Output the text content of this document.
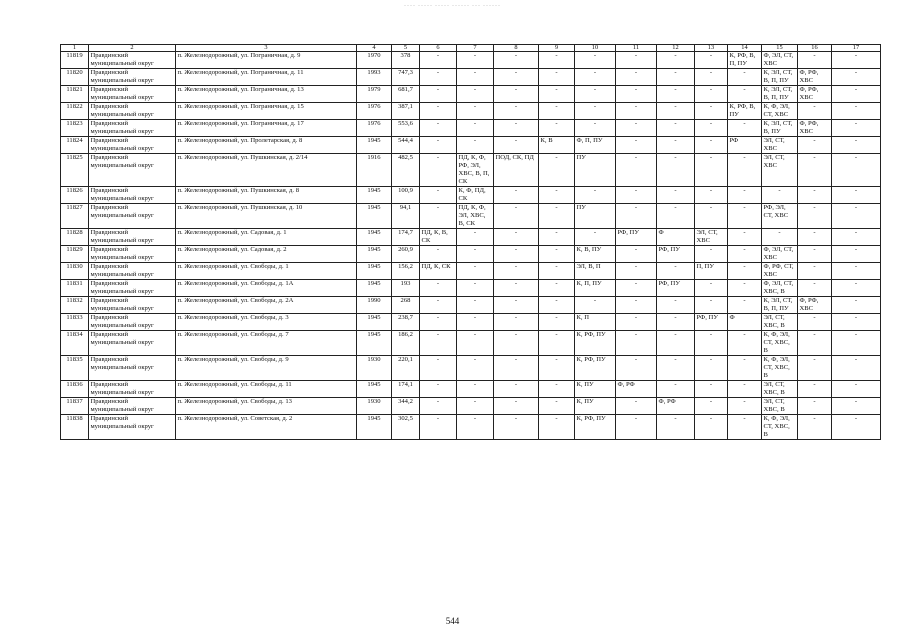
____ _____ _____ ______ ___ ______
1	2	3	4	5	6	7	8	9	10	11	12	13	14	15	16	17
11819	Правдинский муниципальный округ	п. Железнодорожный, ул. Пограничная, д. 9	1970	378	-	-	-	-	-	-	-	-	К, РФ, В, П, ПУ	Ф, ЭЛ, СТ, ХВС	-	-
11820	Правдинский муниципальный округ	п. Железнодорожный, ул. Пограничная, д. 11	1993	747,3	-	-	-	-	-	-	-	-	-	К, ЭЛ, СТ, В, П, ПУ	Ф, РФ, ХВС	-
11821	Правдинский муниципальный округ	п. Железнодорожный, ул. Пограничная, д. 13	1979	681,7	-	-	-	-	-	-	-	-	-	К, ЭЛ, СТ, В, П, ПУ	Ф, РФ, ХВС	-
11822	Правдинский муниципальный округ	п. Железнодорожный, ул. Пограничная, д. 15	1976	387,1	-	-	-	-	-	-	-	-	К, РФ, В, ПУ	К, Ф, ЭЛ, СТ, ХВС	-	-
11823	Правдинский муниципальный округ	п. Железнодорожный, ул. Пограничная, д. 17	1976	553,6	-	-	-	-	-	-	-	-	-	К, ЭЛ, СТ, В, ПУ	Ф, РФ, ХВС	-
11824	Правдинский муниципальный округ	п. Железнодорожный, ул. Пролетарская, д. 8	1945	544,4	-	-	-	К, В	Ф, П, ПУ	-	-	-	РФ	ЭЛ, СТ, ХВС	-	-
11825	Правдинский муниципальный округ	п. Железнодорожный, ул. Пушкинская, д. 2/14	1916	482,5	-	ПД, К, Ф, РФ, ЭЛ, ХВС, В, П, СК	ПОД, СК, ПД	-	ПУ	-	-	-	-	ЭЛ, СТ, ХВС	-	-
11826	Правдинский муниципальный округ	п. Железнодорожный, ул. Пушкинская, д. 8	1945	100,9	-	К, Ф, ПД, СК	-	-	-	-	-	-	-	-	-	-
11827	Правдинский муниципальный округ	п. Железнодорожный, ул. Пушкинская, д. 10	1945	94,1	-	ПД, К, Ф, ЭЛ, ХВС, В, СК	-	-	ПУ	-	-	-	-	РФ, ЭЛ, СТ, ХВС	-	-
11828	Правдинский муниципальный округ	п. Железнодорожный, ул. Садовая, д. 1	1945	174,7	ПД, К, В, СК	-	-	-	-	РФ, ПУ	Ф	ЭЛ, СТ, ХВС	-	-	-	-
11829	Правдинский муниципальный округ	п. Железнодорожный, ул. Садовая, д. 2	1945	260,9	-	-	-	-	К, В, ПУ	-	РФ, ПУ	-	-	Ф, ЭЛ, СТ, ХВС	-	-
11830	Правдинский муниципальный округ	п. Железнодорожный, ул. Свободы, д. 1	1945	156,2	ПД, К, СК	-	-	-	ЭЛ, В, П	-	-	П, ПУ	-	Ф, РФ, СТ, ХВС	-	-
11831	Правдинский муниципальный округ	п. Железнодорожный, ул. Свободы, д. 1А	1945	193	-	-	-	-	К, П, ПУ	-	РФ, ПУ	-	-	Ф, ЭЛ, СТ, ХВС, В	-	-
11832	Правдинский муниципальный округ	п. Железнодорожный, ул. Свободы, д. 2А	1990	268	-	-	-	-	-	-	-	-	-	К, ЭЛ, СТ, В, П, ПУ	Ф, РФ, ХВС	-
11833	Правдинский муниципальный округ	п. Железнодорожный, ул. Свободы, д. 3	1945	238,7	-	-	-	-	К, П	-	-	РФ, ПУ	Ф	ЭЛ, СТ, ХВС, В	-	-
11834	Правдинский муниципальный округ	п. Железнодорожный, ул. Свободы, д. 7	1945	186,2	-	-	-	-	К, РФ, ПУ	-	-	-	-	К, Ф, ЭЛ, СТ, ХВС, В	-	-
11835	Правдинский муниципальный округ	п. Железнодорожный, ул. Свободы, д. 9	1930	220,1	-	-	-	-	К, РФ, ПУ	-	-	-	-	К, Ф, ЭЛ, СТ, ХВС, В	-	-
11836	Правдинский муниципальный округ	п. Железнодорожный, ул. Свободы, д. 11	1945	174,1	-	-	-	-	К, ПУ	Ф, РФ	-	-	-	ЭЛ, СТ, ХВС, В	-	-
11837	Правдинский муниципальный округ	п. Железнодорожный, ул. Свободы, д. 13	1930	344,2	-	-	-	-	К, ПУ	-	Ф, РФ	-	-	ЭЛ, СТ, ХВС, В	-	-
11838	Правдинский муниципальный округ	п. Железнодорожный, ул. Советская, д. 2	1945	302,5	-	-	-	-	К, РФ, ПУ	-	-	-	-	К, Ф, ЭЛ, СТ, ХВС, В	-	-
544
